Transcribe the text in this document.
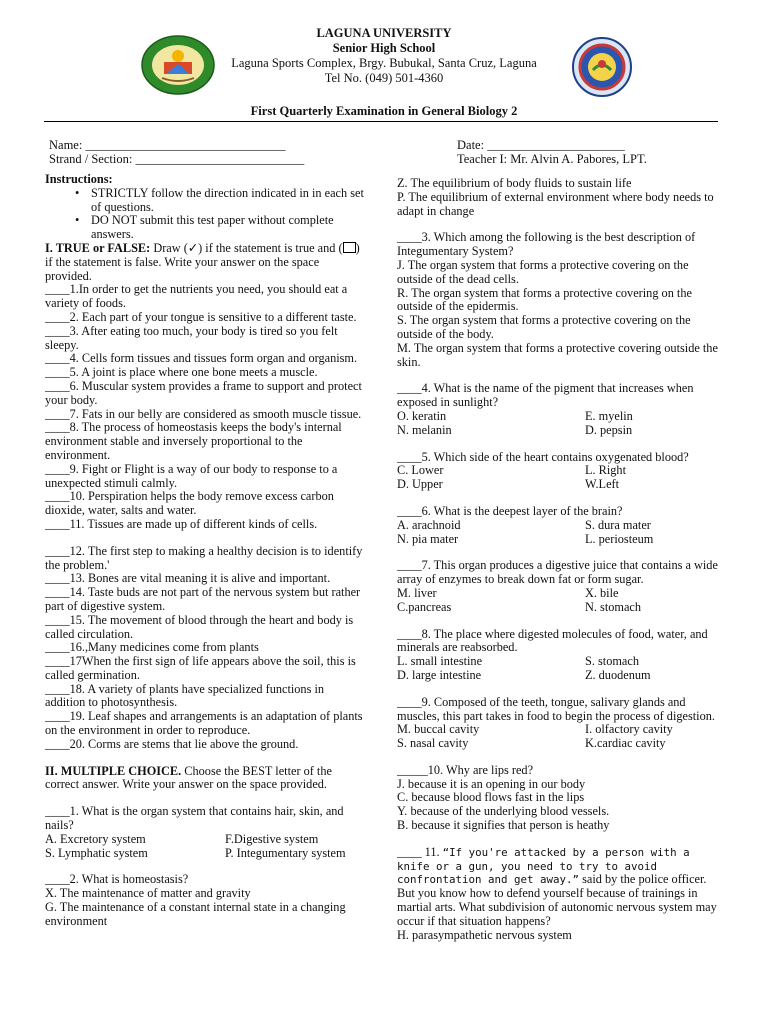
LAGUNA UNIVERSITY
Senior High School
Laguna Sports Complex, Brgy. Bubukal, Santa Cruz, Laguna
Tel No. (049) 501-4360
First Quarterly Examination in General Biology 2
Name: ________________________________
Strand / Section: ___________________________
Date: ______________________
Teacher I: Mr. Alvin A. Pabores, LPT.

Instructions:

• STRICTLY follow the direction indicated in in each set of questions.
• DO NOT submit this test paper without complete answers.

I. TRUE or FALSE: Draw (✓) if the statement is true and ( ) if the statement is false. Write your answer on the space provided.

____1.In order to get the nutrients you need, you should eat a variety of foods.

____2. Each part of your tongue is sensitive to a different taste.

____3. After eating too much, your body is tired so you felt sleepy.

____4. Cells form tissues and tissues form organ and organism.

____5. A joint is place where one bone meets a muscle.

____6. Muscular system provides a frame to support and protect your body.

____7. Fats in our belly are considered as smooth muscle tissue.

____8. The process of homeostasis keeps the body's internal environment stable and inversely proportional to the environment.

____9. Fight or Flight is a way of our body to response to a unexpected stimuli calmly.

____10. Perspiration helps the body remove excess carbon dioxide, water, salts and water.

____11. Tissues are made up of different kinds of cells.

____12. The first step to making a healthy decision is to identify the problem.'

____13. Bones are vital meaning it is alive and important.

____14. Taste buds are not part of the nervous system but rather part of digestive system.

____15. The movement of blood through the heart and body is called circulation.

____16.,Many medicines come from plants

____17When the first sign of life appears above the soil, this is called germination.

____18. A variety of plants have specialized functions in addition to photosynthesis.

____19. Leaf shapes and arrangements is an adaptation of plants on the environment in order to reproduce.

____20. Corms are stems that lie above the ground.

II. MULTIPLE CHOICE. Choose the BEST letter of the correct answer. Write your answer on the space provided.

____1. What is the organ system that contains hair, skin, and nails?

A. Excretory system	F.Digestive system
S. Lymphatic system	P. Integumentary system

____2. What is homeostasis?

X. The maintenance of matter and gravity

G. The maintenance of a constant internal state in a changing environment

Z. The equilibrium of body fluids to sustain life

P. The equilibrium of external environment where body needs to adapt in change

____3. Which among the following is the best description of Integumentary System?

J. The organ system that forms a protective covering on the outside of the dead cells.

R. The organ system that forms a protective covering on the outside of the epidermis.

S. The organ system that forms a protective covering on the outside of the body.

M. The organ system that forms a protective covering outside the skin.

____4. What is the name of the pigment that increases when exposed in sunlight?

O. keratin	E. myelin
N. melanin	D. pepsin

____5. Which side of the heart contains oxygenated blood?

C. Lower	L. Right
D. Upper	W.Left

____6. What is the deepest layer of the brain?

A. arachnoid	S. dura mater
N. pia mater	L. periosteum

____7. This organ produces a digestive juice that contains a wide array of enzymes to break down fat or form sugar.

M. liver	X. bile
C.pancreas	N. stomach

____8. The place where digested molecules of food, water, and minerals are reabsorbed.

L. small intestine	S. stomach
D. large intestine	Z. duodenum

____9. Composed of the teeth, tongue, salivary glands and muscles, this part takes in food to begin the process of digestion.

M. buccal cavity	I. olfactory cavity
S. nasal cavity	K.cardiac cavity

_____10. Why are lips red?

J. because it is an opening in our body

C. because blood flows fast in the lips

Y. because of the underlying blood vessels.

B. because it signifies that person is heathy

____ 11. “If you're attacked by a person with a knife or a gun, you need to try to avoid confrontation and get away.” said by the police officer. But you know how to defend yourself because of trainings in martial arts. What subdivision of autonomic nervous system may occur if that situation happens?

H. parasympathetic nervous system
